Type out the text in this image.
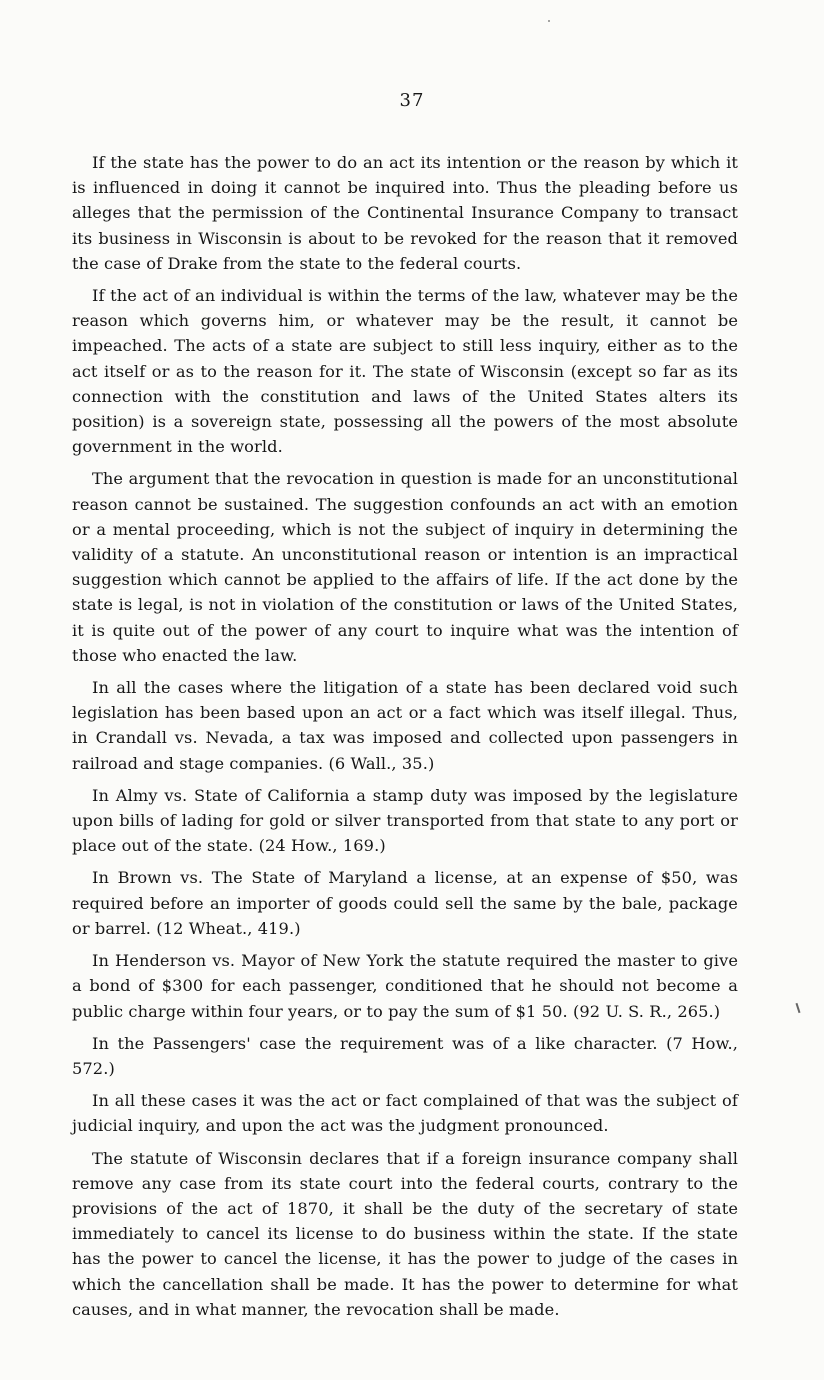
37

If the state has the power to do an act its intention or the reason by which it is influenced in doing it cannot be inquired into. Thus the pleading before us alleges that the permission of the Continental Insurance Company to transact its business in Wisconsin is about to be revoked for the reason that it removed the case of Drake from the state to the federal courts.

If the act of an individual is within the terms of the law, whatever may be the reason which governs him, or whatever may be the result, it cannot be impeached. The acts of a state are subject to still less inquiry, either as to the act itself or as to the reason for it. The state of Wisconsin (except so far as its connection with the constitution and laws of the United States alters its position) is a sovereign state, possessing all the powers of the most absolute government in the world.

The argument that the revocation in question is made for an unconstitutional reason cannot be sustained. The suggestion confounds an act with an emotion or a mental proceeding, which is not the subject of inquiry in determining the validity of a statute. An unconstitutional reason or intention is an impractical suggestion which cannot be applied to the affairs of life. If the act done by the state is legal, is not in violation of the constitution or laws of the United States, it is quite out of the power of any court to inquire what was the intention of those who enacted the law.

In all the cases where the litigation of a state has been declared void such legislation has been based upon an act or a fact which was itself illegal. Thus, in Crandall vs. Nevada, a tax was imposed and collected upon passengers in railroad and stage companies. (6 Wall., 35.)

In Almy vs. State of California a stamp duty was imposed by the legislature upon bills of lading for gold or silver transported from that state to any port or place out of the state. (24 How., 169.)

In Brown vs. The State of Maryland a license, at an expense of $50, was required before an importer of goods could sell the same by the bale, package or barrel. (12 Wheat., 419.)

In Henderson vs. Mayor of New York the statute required the master to give a bond of $300 for each passenger, conditioned that he should not become a public charge within four years, or to pay the sum of $1 50. (92 U. S. R., 265.)

In the Passengers' case the requirement was of a like character. (7 How., 572.)

In all these cases it was the act or fact complained of that was the subject of judicial inquiry, and upon the act was the judgment pronounced.

The statute of Wisconsin declares that if a foreign insurance company shall remove any case from its state court into the federal courts, contrary to the provisions of the act of 1870, it shall be the duty of the secretary of state immediately to cancel its license to do business within the state. If the state has the power to cancel the license, it has the power to judge of the cases in which the cancellation shall be made. It has the power to determine for what causes, and in what manner, the revocation shall be made.
